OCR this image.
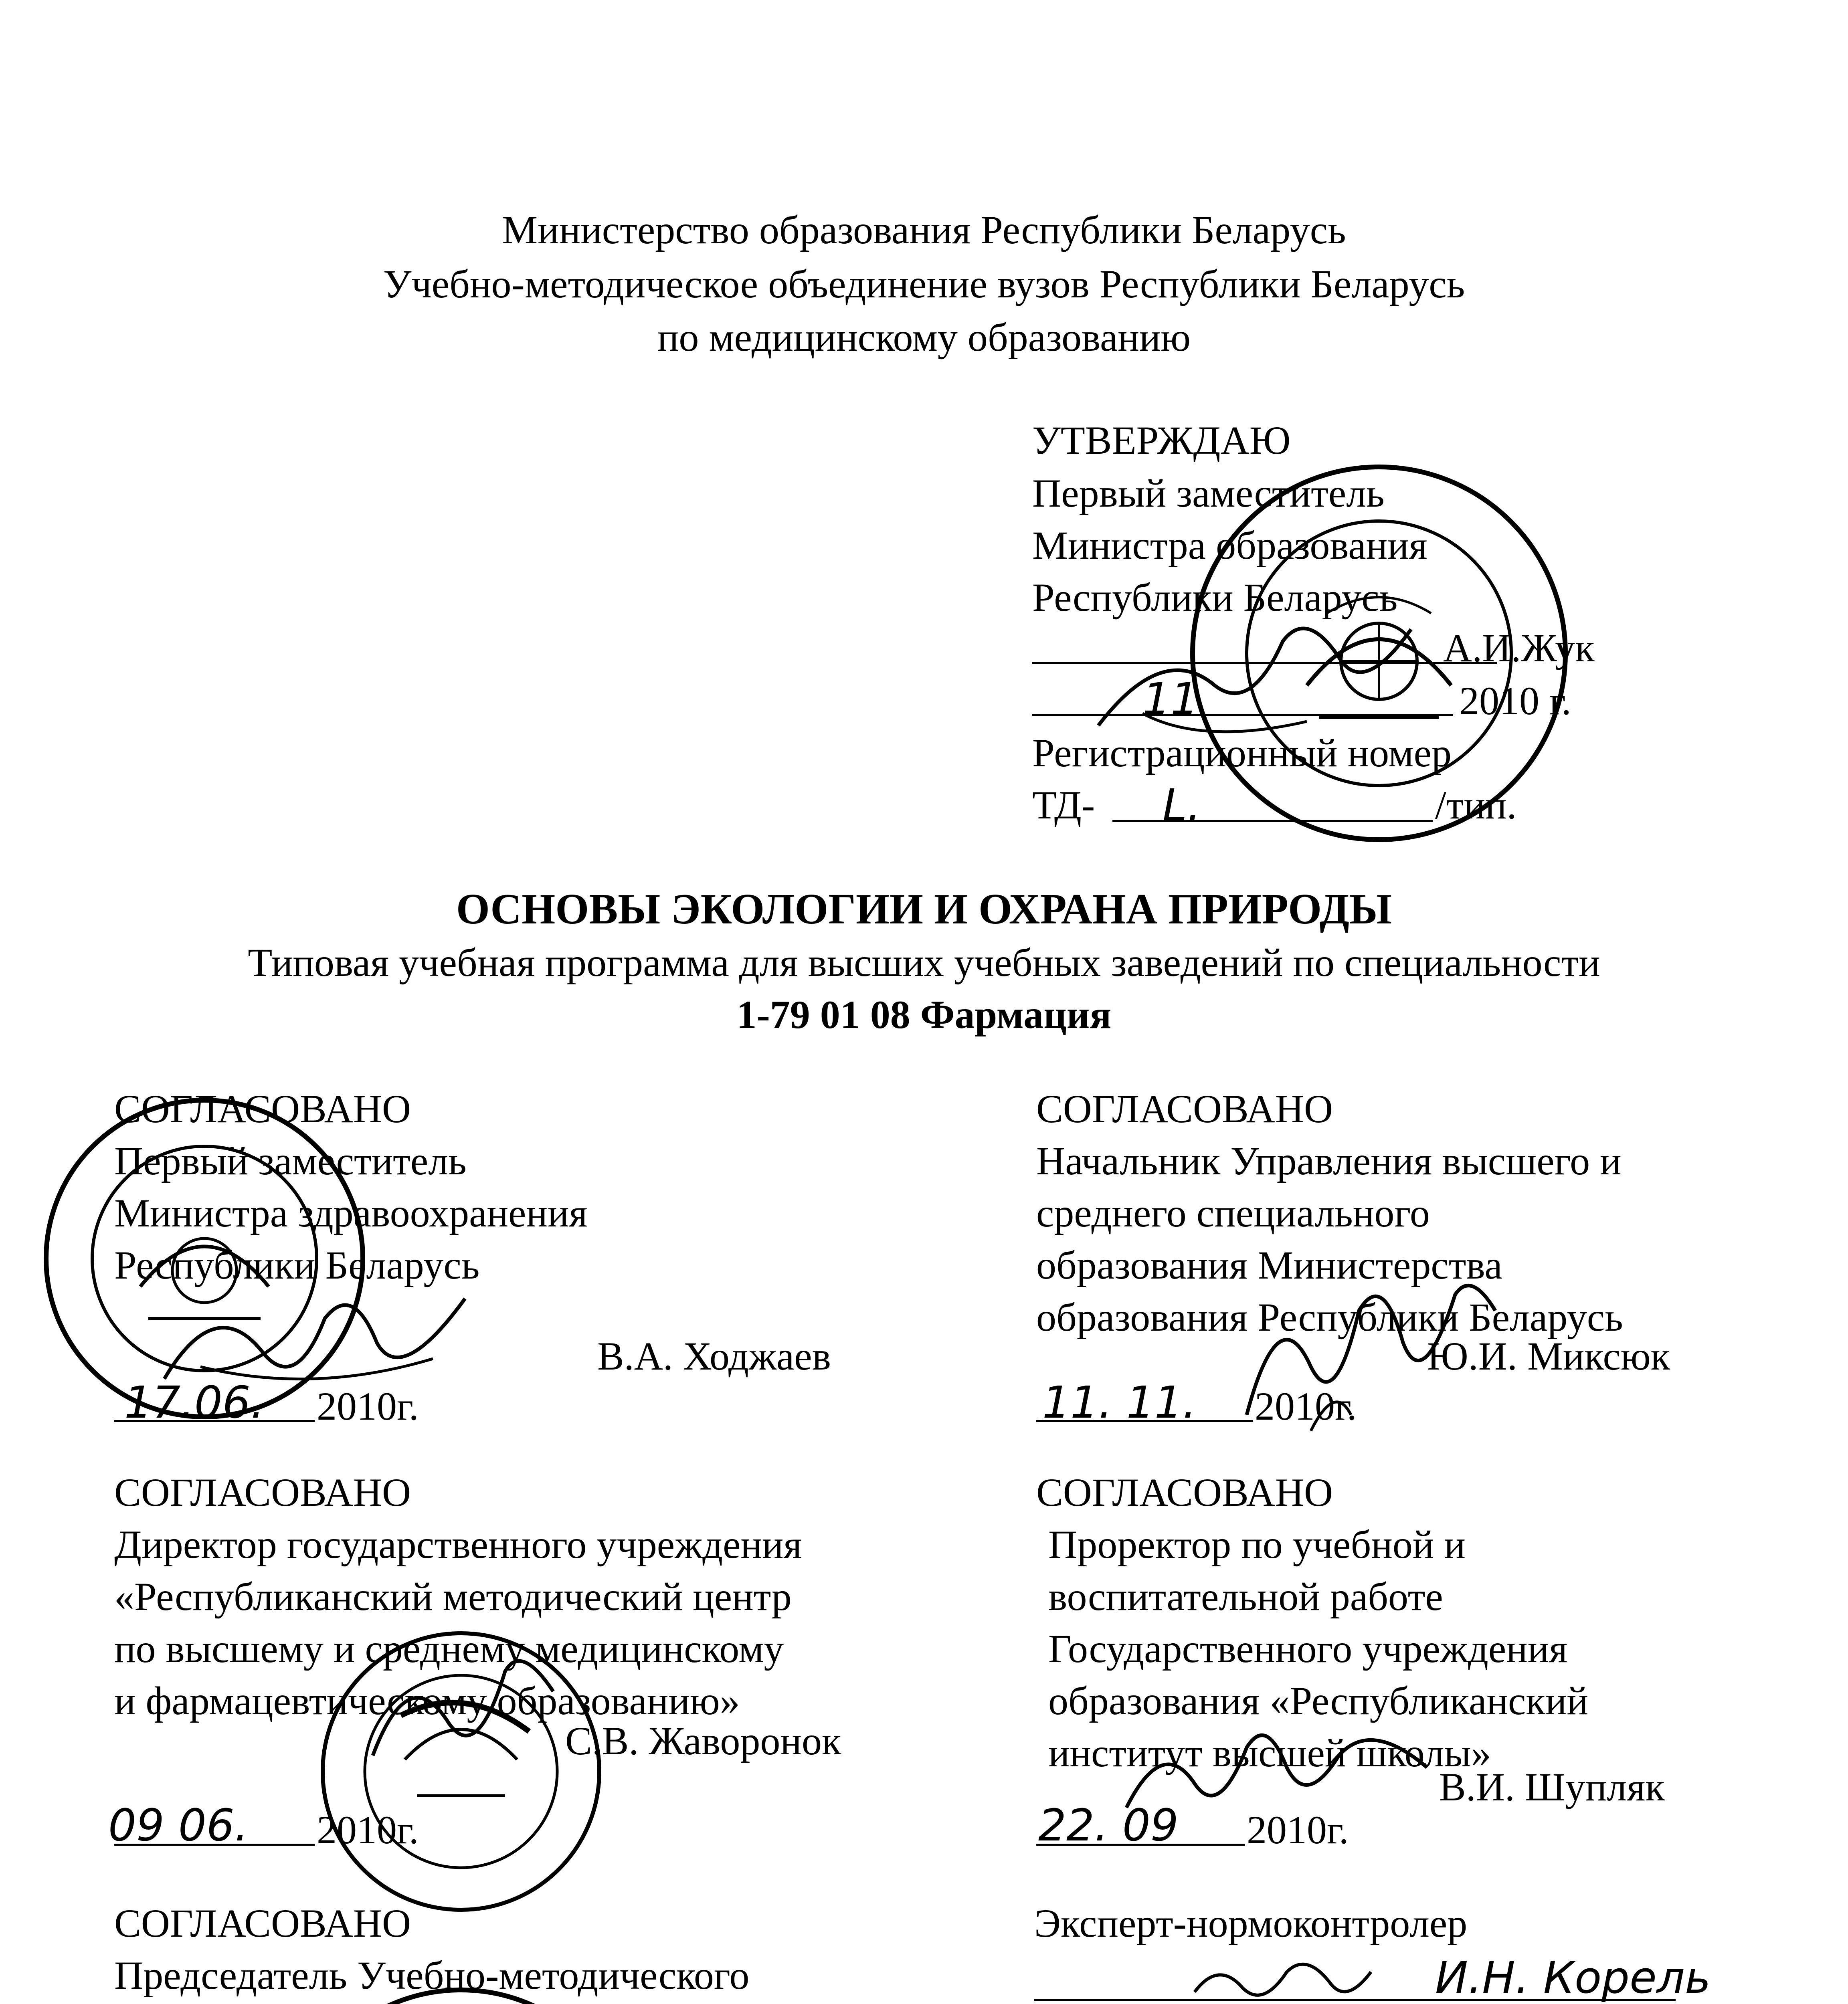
Министерство образования Республики Беларусь
Учебно-методическое объединение вузов Республики Беларусь
по медицинскому образованию
УТВЕРЖДАЮ
Первый заместитель
Министра образования
Республики Беларусь
А.И.Жук
11	2010 г.
Регистрационный номер
ТД- L.	/тип.
ОСНОВЫ ЭКОЛОГИИ И ОХРАНА ПРИРОДЫ
Типовая учебная программа для высших учебных заведений по специальности
1-79 01 08 Фармация
СОГЛАСОВАНО
Первый заместитель
Министра здравоохранения
Республики Беларусь
В.А. Ходжаев
17.06. 2010г.
СОГЛАСОВАНО
Начальник Управления высшего и
среднего специального
образования Министерства
образования Республики Беларусь
Ю.И. Миксюк
11. 11. 2010г.
СОГЛАСОВАНО
Директор государственного учреждения
«Республиканский методический центр
по высшему и среднему медицинскому
и фармацевтическому образованию»
С.В. Жаворонок
09 06. 2010г.
СОГЛАСОВАНО
Проректор по учебной и
воспитательной работе
Государственного учреждения
образования «Республиканский
институт высшей школы»
В.И. Шупляк
22. 09 2010г.
СОГЛАСОВАНО
Председатель Учебно-методического
Эксперт-нормоконтролер
И.Н. Корель
